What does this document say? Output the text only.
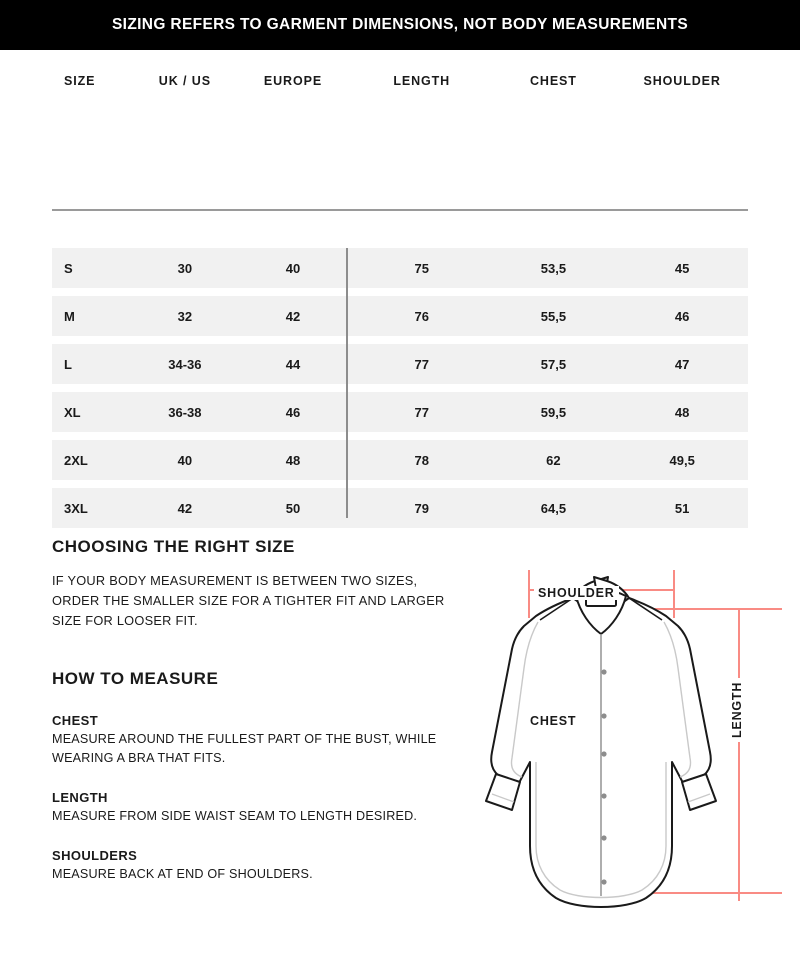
SIZING REFERS TO GARMENT DIMENSIONS, NOT BODY MEASUREMENTS
SIZE	UK / US	EUROPE	LENGTH	CHEST	SHOULDER
S	30	40	75	53,5	45
M	32	42	76	55,5	46
L	34-36	44	77	57,5	47
XL	36-38	46	77	59,5	48
2XL	40	48	78	62	49,5
3XL	42	50	79	64,5	51
CHOOSING THE RIGHT SIZE

IF YOUR BODY MEASUREMENT IS BETWEEN TWO SIZES, ORDER THE SMALLER SIZE FOR A TIGHTER FIT AND LARGER SIZE FOR LOOSER FIT.

HOW TO MEASURE
CHEST

MEASURE AROUND THE FULLEST PART OF THE BUST, WHILE WEARING A BRA THAT FITS.

LENGTH

MEASURE FROM SIDE WAIST SEAM TO LENGTH DESIRED.

SHOULDERS

MEASURE BACK AT END OF SHOULDERS.

SHOULDER
CHEST	LENGTH
